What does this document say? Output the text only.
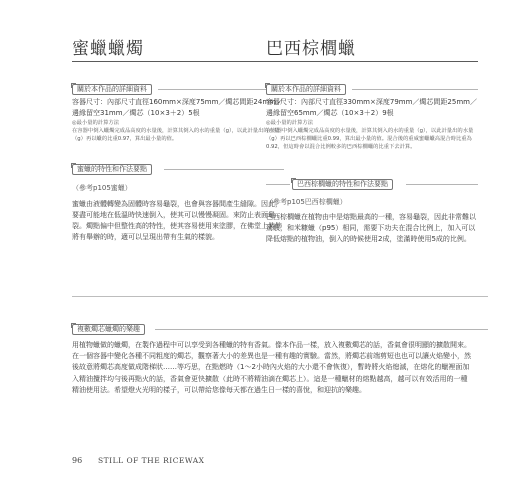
蜜蠟蠟燭
關於本作品的詳細資料
容器尺寸：內部尺寸直徑160mm×深度75mm／燭芯間距24mm／邊緣留空31mm／燭芯（10×3＋2）5根
◎最小量的計算方法
在容器中倒入蠟燭完成品高度的水量後，計算其倒入的水的重量（g），以此計量出的水量（g）再以蠟的比重0.97，算出最小量的值。
蜜蠟的特性和作法要點
（參考p105蜜蠟）
蜜蠟由液體轉變為固體時容易龜裂，也會與容器間產生縫隙。因此，要盡可能地在低溫時快速倒入，使其可以慢慢凝固。來防止表面龜裂。燭點偏中但整性高的特性，使其容易使用來塗膠，在佛堂上裝飾將有舉辦的時，適可以呈現出帶有生氣的樣貌。
巴西棕櫚蠟
關於本作品的詳細資料
容器尺寸：內部尺寸直徑330mm×深度79mm／燭芯間距25mm／邊緣留空65mm／燭芯（10×3＋2）9根
◎最小量的計算方法
在容器中倒入蠟燭完成品高度的水量後，計算其倒入的水的重量（g），以此計量出的水量（g）再以巴西棕櫚蠟比重0.99，算出最小量的值。混合後的重威蜜蠟蠟高混合時比重為0.92，但這時會以混合比例較多的巴西棕櫚蠟的比重下去計算。
巴西棕櫚蠟的特性和作法要點
（參考p105巴西棕櫚蠟）
巴西棕櫚蠟在植物由中是熔點最高的一種，容易龜裂，因此非常難以駕馭，和米糠蠟（p95）相同，需要下功夫在混合比例上，加入可以降低熔點的植物油，倒入的時候使用2成，塗滿時使用5成的比例。
複數燭芯蠟燭的樂趣

用植物蠟做的蠟燭，在製作過程中可以享受到各種蠟的特有香氣。像本作品一樣，放入複數燭芯的話，香氣會很明顯的擴散開來。在一個容器中變化各種不同粗度的燭芯，觀察著大小的差異也是一種有趣的實驗。當然，將燭芯前端剪短也也可以讓火焰變小，然後故意將燭芯高度做成階梯狀……等巧思，在點燃時（1～2小時內火焰的大小還不會恢復），暫時將火焰熄滅，在熔化的蠟裡面加入精油攪拌均勻後再點火的話，香氣會更快擴散（此時不將精油滴在燭芯上）。這是一種蠟材的熔點越高，越可以有效活用的一種精油使用法。希望燈火光明的樣子，可以帶給您像每天都在過生日一樣的喜悅，和迎抗的樂趣。

96 STILL OF THE RICEWAX
